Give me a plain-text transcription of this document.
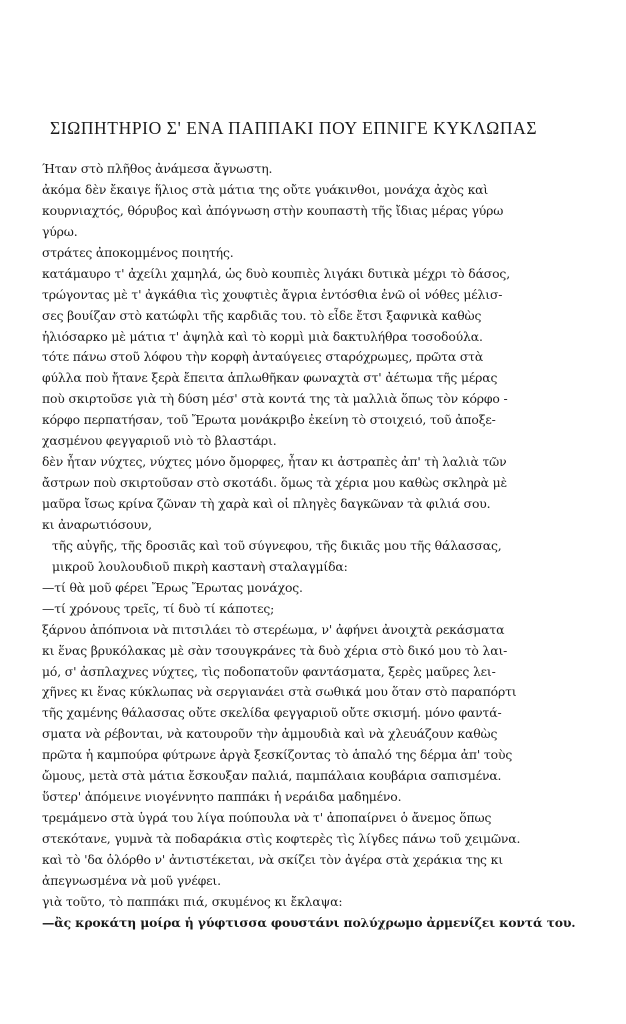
ΣΙΩΠΗΤΗΡΙΟ Σ' ΕΝΑ ΠΑΠΠΑΚΙ ΠΟΥ ΕΠΝΙΓΕ ΚΥΚΛΩΠΑΣ
Ήταν στὸ πλῆθος ἀνάμεσα ἄγνωστη.
ἀκόμα δὲν ἔκαιγε ἥλιος στὰ μάτια της οὔτε γυάκινθοι, μονάχα ἀχὸς καὶ
κουρνιαχτός, θόρυβος καὶ ἀπόγνωση στὴν κουπαστὴ τῆς ἴδιας μέρας γύρω
γύρω.
στράτες ἀποκομμένος ποιητής.
κατάμαυρο τ' ἀχείλι χαμηλά, ὡς δυὸ κουπιὲς λιγάκι δυτικὰ μέχρι τὸ δάσος,
τρώγοντας μὲ τ' ἀγκάθια τὶς χουφτιὲς ἄγρια ἐντόσθια ἐνῶ οἱ νόθες μέλισ-
σες βουίζαν στὸ κατώφλι τῆς καρδιᾶς του. τὸ εἶδε ἔτσι ξαφνικὰ καθὼς
ἡλιόσαρκο μὲ μάτια τ' ἀψηλὰ καὶ τὸ κορμὶ μιὰ δακτυλήθρα τοσοδούλα.
τότε πάνω στοῦ λόφου τὴν κορφὴ ἀνταύγειες σταρόχρωμες, πρῶτα στὰ
φύλλα ποὺ ἤτανε ξερὰ ἔπειτα ἁπλωθῆκαν φωναχτὰ στ' ἀέτωμα τῆς μέρας
ποὺ σκιρτοῦσε γιὰ τὴ δύση μέσ' στὰ κοντά της τὰ μαλλιὰ ὅπως τὸν κόρφο -
κόρφο περπατήσαν, τοῦ Ἔρωτα μονάκριβο ἐκείνη τὸ στοιχειό, τοῦ ἀποξε-
χασμένου φεγγαριοῦ νιὸ τὸ βλαστάρι.
δὲν ἦταν νύχτες, νύχτες μόνο ὄμορφες, ἦταν κι ἀστραπὲς ἀπ' τὴ λαλιὰ τῶν
ἄστρων ποὺ σκιρτοῦσαν στὸ σκοτάδι. ὅμως τὰ χέρια μου καθὼς σκληρὰ μὲ
μαῦρα ἴσως κρίνα ζῶναν τὴ χαρὰ καὶ οἱ πληγὲς δαγκῶναν τὰ φιλιά σου.
κι ἀναρωτιόσουν,
τῆς αὐγῆς, τῆς δροσιᾶς καὶ τοῦ σύγνεφου, τῆς δικιᾶς μου τῆς θάλασσας,
μικροῦ λουλουδιοῦ πικρὴ καστανὴ σταλαγμίδα:
—τί θὰ μοῦ φέρει Ἔρως Ἔρωτας μονάχος.
—τί χρόνους τρεῖς, τί δυὸ τί κάποτες;
ξάρνου ἀπόπνοια νὰ πιτσιλάει τὸ στερέωμα, ν' ἀφήνει ἀνοιχτὰ ρεκάσματα
κι ἕνας βρυκόλακας μὲ σὰν τσουγκράνες τὰ δυὸ χέρια στὸ δικό μου τὸ λαι-
μό, σ' ἀσπλαχνες νύχτες, τὶς ποδοπατοῦν φαντάσματα, ξερὲς μαῦρες λει-
χῆνες κι ἕνας κύκλωπας νὰ σεργιανάει στὰ σωθικά μου ὅταν στὸ παραπόρτι
τῆς χαμένης θάλασσας οὔτε σκελίδα φεγγαριοῦ οὔτε σκισμή. μόνο φαντά-
σματα νὰ ρέβονται, νὰ κατουροῦν τὴν ἀμμουδιὰ καὶ νὰ χλευάζουν καθὼς
πρῶτα ἡ καμπούρα φύτρωνε ἀργὰ ξεσκίζοντας τὸ ἁπαλό της δέρμα ἀπ' τοὺς
ὤμους, μετὰ στὰ μάτια ἔσκουξαν παλιά, παμπάλαια κουβάρια σαπισμένα.
ὕστερ' ἀπόμεινε νιογέννητο παππάκι ἡ νεράιδα μαδημένο.
τρεμάμενο στὰ ὑγρά του λίγα πούπουλα νὰ τ' ἀποπαίρνει ὁ ἄνεμος ὅπως
στεκότανε, γυμνὰ τὰ ποδαράκια στὶς κοφτερὲς τὶς λίγδες πάνω τοῦ χειμῶνα.
καὶ τὸ 'δα ὁλόρθο ν' ἀντιστέκεται, νὰ σκίζει τὸν ἀγέρα στὰ χεράκια της κι
ἀπεγνωσμένα νὰ μοῦ γνέφει.
γιὰ τοῦτο, τὸ παππάκι πιά, σκυμένος κι ἔκλαψα:
—ἂς κροκάτη μοίρα ἡ γύφτισσα φουστάνι πολύχρωμο ἀρμενίζει κοντά του.
